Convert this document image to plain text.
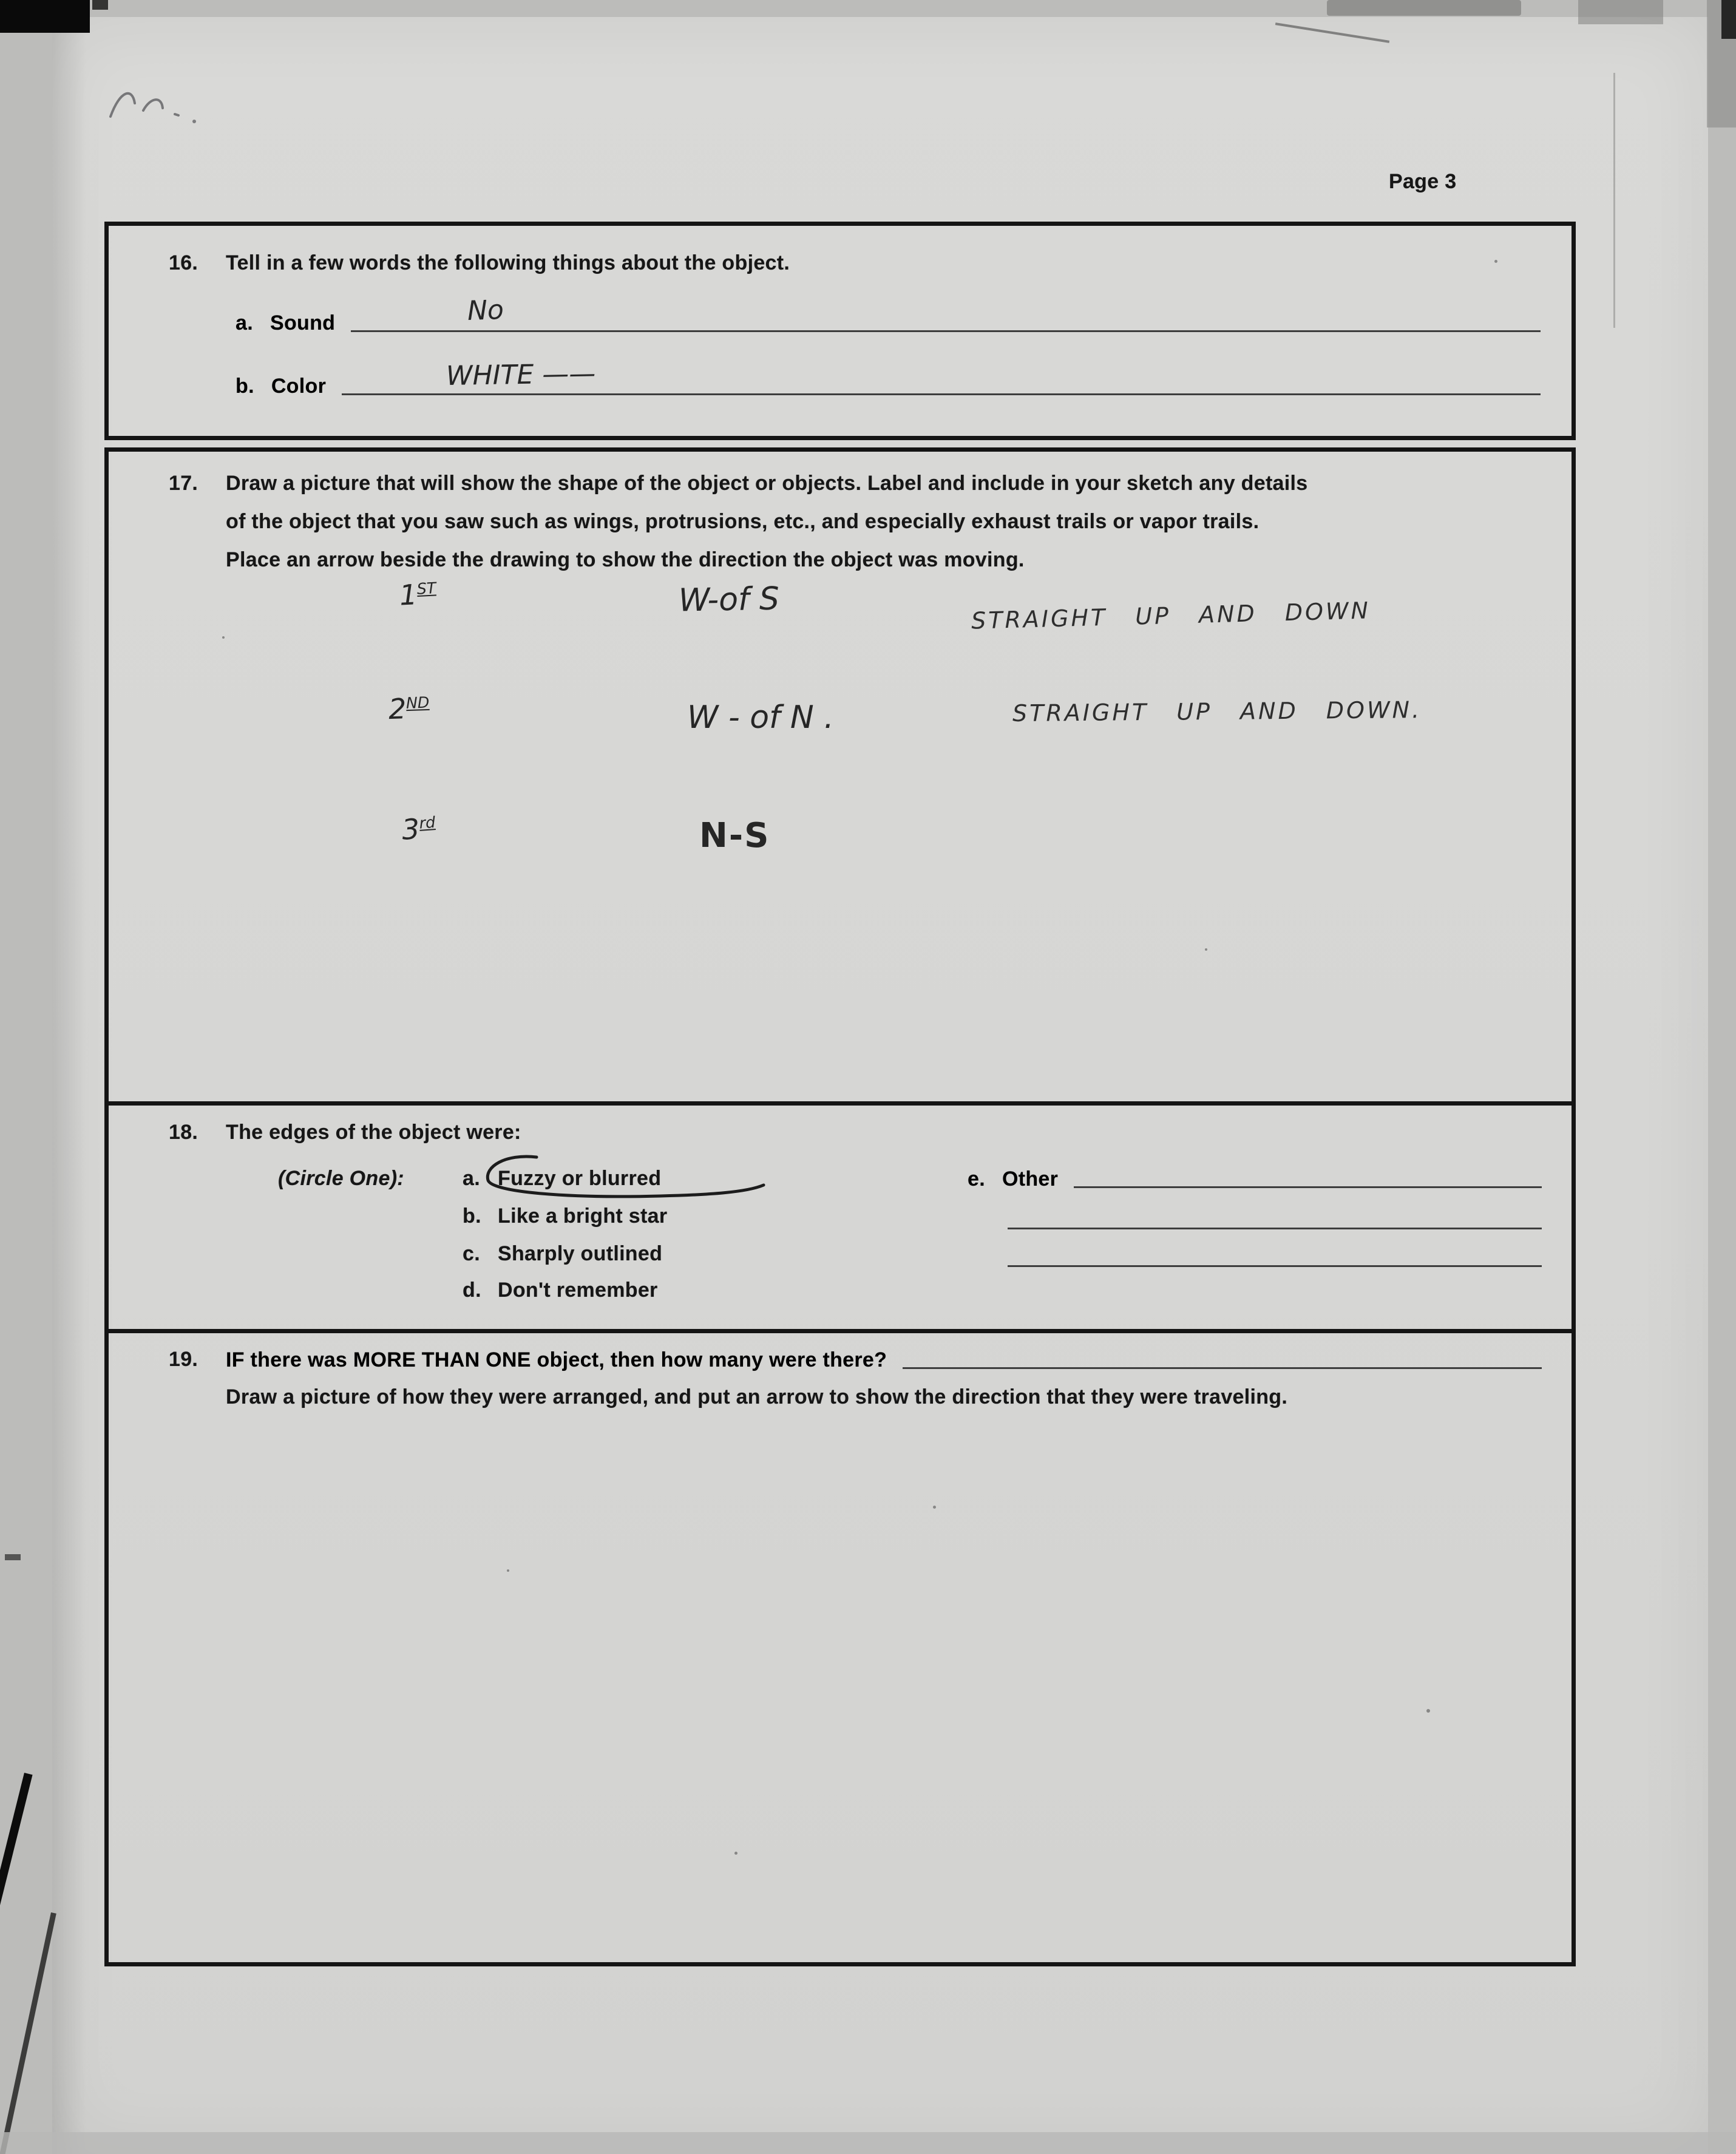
Page 3
16. Tell in a few words the following things about the object.
a. Sound	No
b. Color	WHITE ——
17. Draw a picture that will show the shape of the object or objects. Label and include in your sketch any details
of the object that you saw such as wings, protrusions, etc., and especially exhaust trails or vapor trails.
Place an arrow beside the drawing to show the direction the object was moving.
1ST	W-of S	STRAIGHT UP AND DOWN
2ND	W - of N .	STRAIGHT UP AND DOWN.
3rd	N-S
18. The edges of the object were:
(Circle One):	a. Fuzzy or blurred
b. Like a bright star
c. Sharply outlined
d. Don't remember
e. Other
19. IF there was MORE THAN ONE object, then how many were there?
Draw a picture of how they were arranged, and put an arrow to show the direction that they were traveling.
